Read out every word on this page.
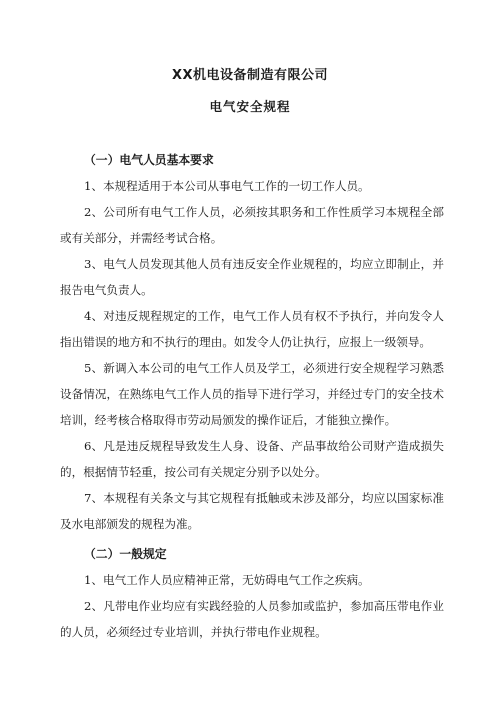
XX机电设备制造有限公司
电气安全规程
（一）电气人员基本要求

1、本规程适用于本公司从事电气工作的一切工作人员。

2、公司所有电气工作人员，必须按其职务和工作性质学习本规程全部或有关部分，并需经考试合格。

3、电气人员发现其他人员有违反安全作业规程的，均应立即制止，并报告电气负责人。

4、对违反规程规定的工作，电气工作人员有权不予执行，并向发令人指出错误的地方和不执行的理由。如发令人仍让执行，应报上一级领导。

5、新调入本公司的电气工作人员及学工，必须进行安全规程学习熟悉设备情况，在熟练电气工作人员的指导下进行学习，并经过专门的安全技术培训，经考核合格取得市劳动局颁发的操作证后，才能独立操作。

6、凡是违反规程导致发生人身、设备、产品事故给公司财产造成损失的，根据情节轻重，按公司有关规定分别予以处分。

7、本规程有关条文与其它规程有抵触或未涉及部分，均应以国家标准及水电部颁发的规程为准。

（二）一般规定

1、电气工作人员应精神正常，无妨碍电气工作之疾病。

2、凡带电作业均应有实践经验的人员参加或监护，参加高压带电作业的人员，必须经过专业培训，并执行带电作业规程。
